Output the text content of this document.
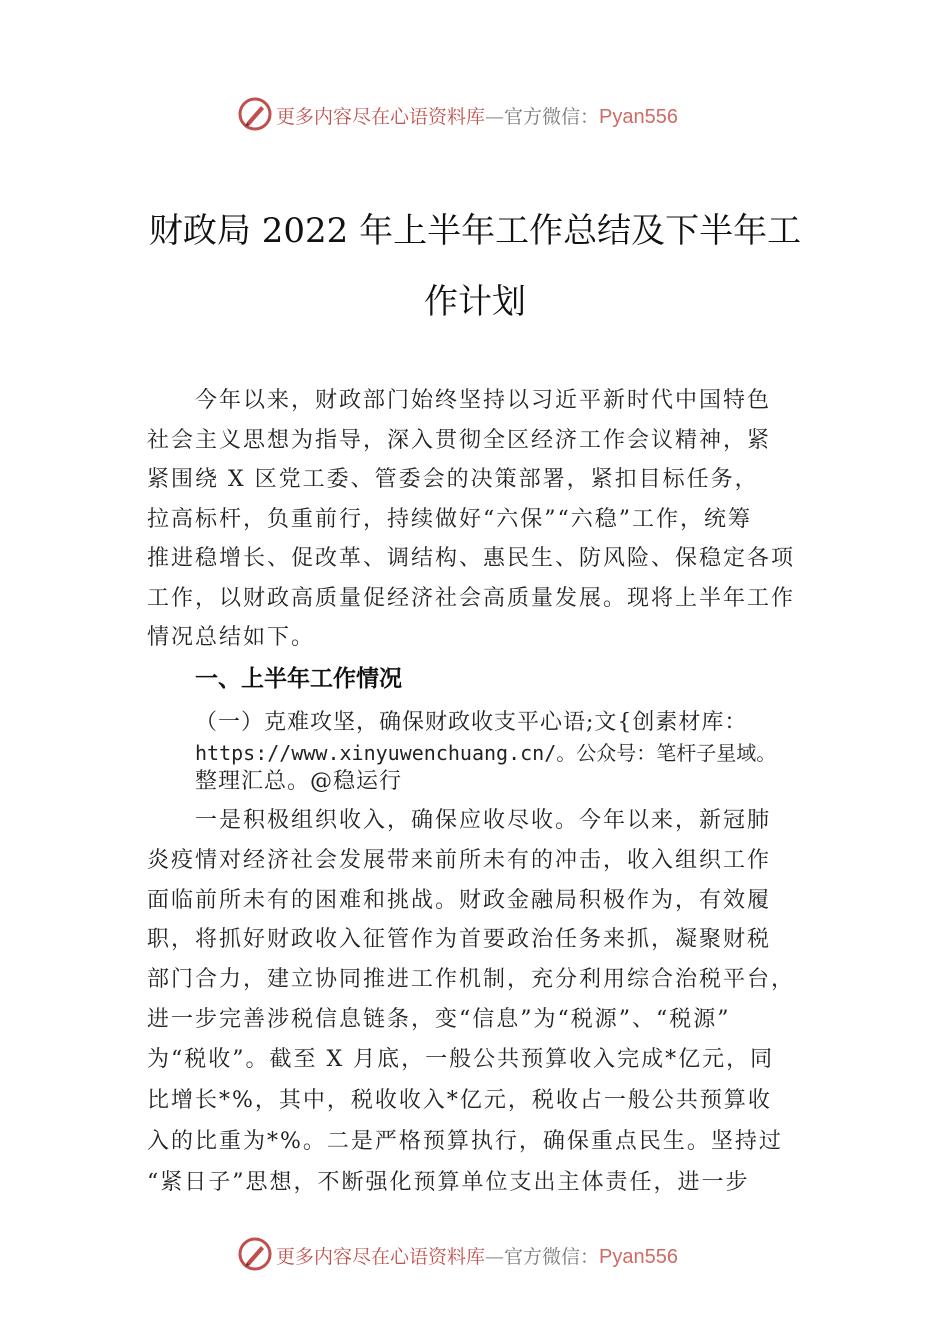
更多内容尽在心语资料库—官方微信：Pyan556
财政局 2022 年上半年工作总结及下半年工
作计划
今年以来，财政部门始终坚持以习近平新时代中国特色
社会主义思想为指导，深入贯彻全区经济工作会议精神，紧
紧围绕 X 区党工委、管委会的决策部署，紧扣目标任务，
拉高标杆，负重前行，持续做好“六保”“六稳”工作，统筹
推进稳增长、促改革、调结构、惠民生、防风险、保稳定各项
工作，以财政高质量促经济社会高质量发展。现将上半年工作
情况总结如下。
一、上半年工作情况
（一）克难攻坚，确保财政收支平心语;文{创素材库：
https://www.xinyuwenchuang.cn/。公众号：笔杆子星域。
整理汇总。@稳运行
一是积极组织收入，确保应收尽收。今年以来，新冠肺
炎疫情对经济社会发展带来前所未有的冲击，收入组织工作
面临前所未有的困难和挑战。财政金融局积极作为，有效履
职，将抓好财政收入征管作为首要政治任务来抓，凝聚财税
部门合力，建立协同推进工作机制，充分利用综合治税平台，
进一步完善涉税信息链条，变“信息”为“税源”、“税源”
为“税收”。截至 X 月底，一般公共预算收入完成*亿元，同
比增长*%，其中，税收收入*亿元，税收占一般公共预算收
入的比重为*%。二是严格预算执行，确保重点民生。坚持过
“紧日子”思想，不断强化预算单位支出主体责任，进一步
更多内容尽在心语资料库—官方微信：Pyan556
